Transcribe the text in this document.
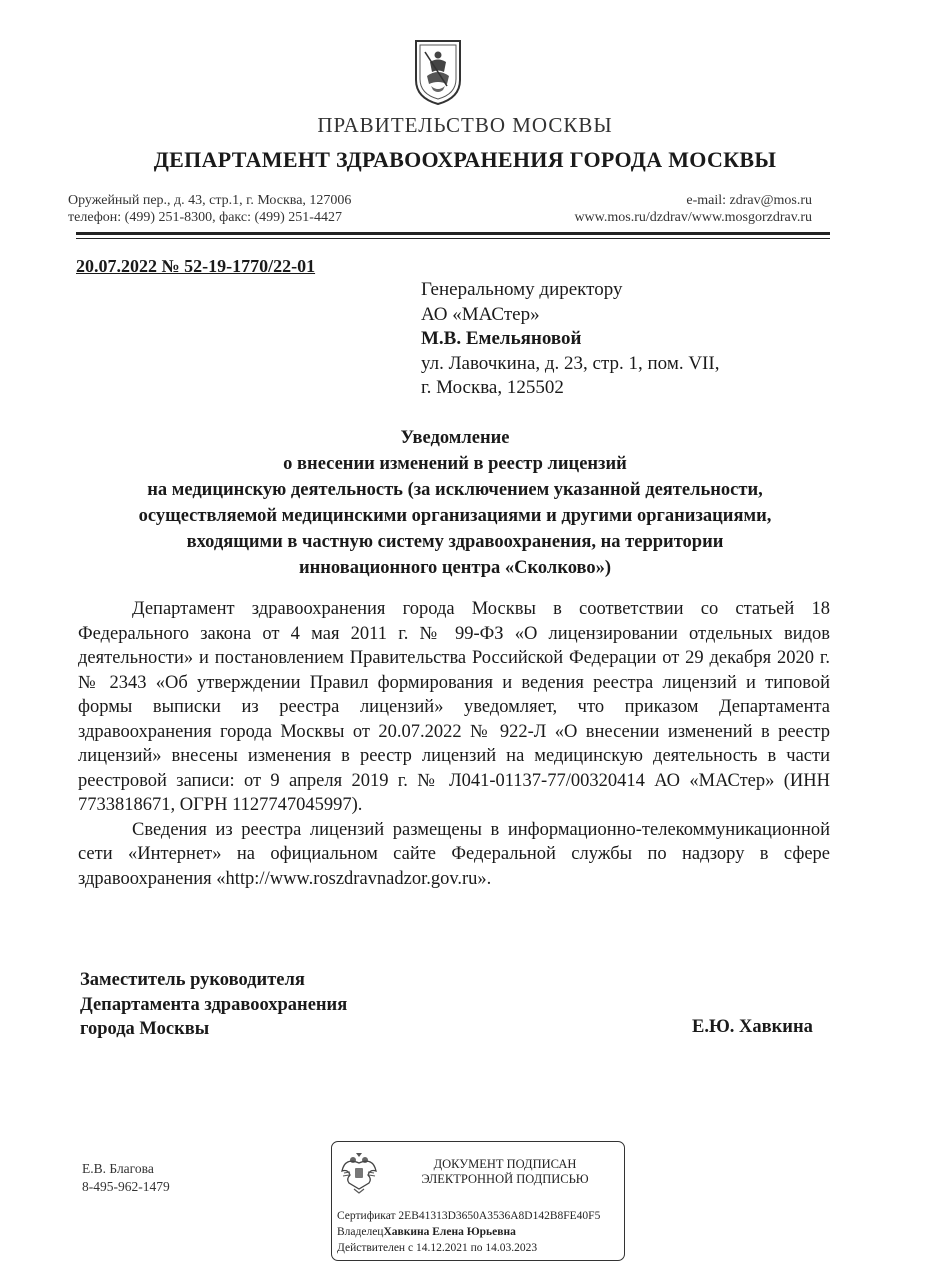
ПРАВИТЕЛЬСТВО МОСКВЫ
ДЕПАРТАМЕНТ ЗДРАВООХРАНЕНИЯ ГОРОДА МОСКВЫ
Оружейный пер., д. 43, стр.1, г. Москва, 127006
телефон: (499) 251-8300, факс: (499) 251-4427
e-mail: zdrav@mos.ru
www.mos.ru/dzdrav/www.mosgorzdrav.ru
20.07.2022 № 52-19-1770/22-01
Генеральному директору
АО «МАСтер»
М.В. Емельяновой
ул. Лавочкина, д. 23, стр. 1, пом. VII,
г. Москва, 125502
Уведомление
о внесении изменений в реестр лицензий
на медицинскую деятельность (за исключением указанной деятельности,
осуществляемой медицинскими организациями и другими организациями,
входящими в частную систему здравоохранения, на территории
инновационного центра «Сколково»)

Департамент здравоохранения города Москвы в соответствии со статьей 18 Федерального закона от 4 мая 2011 г. № 99-ФЗ «О лицензировании отдельных видов деятельности» и постановлением Правительства Российской Федерации от 29 декабря 2020 г. № 2343 «Об утверждении Правил формирования и ведения реестра лицензий и типовой формы выписки из реестра лицензий» уведомляет, что приказом Департамента здравоохранения города Москвы от 20.07.2022 № 922-Л «О внесении изменений в реестр лицензий» внесены изменения в реестр лицензий на медицинскую деятельность в части реестровой записи: от 9 апреля 2019 г. № Л041-01137-77/00320414 АО «МАСтер» (ИНН 7733818671, ОГРН 1127747045997).

Сведения из реестра лицензий размещены в информационно-телекоммуникационной сети «Интернет» на официальном сайте Федеральной службы по надзору в сфере здравоохранения «http://www.roszdravnadzor.gov.ru».

Заместитель руководителя
Департамента здравоохранения
города Москвы	Е.Ю. Хавкина
Е.В. Благова
8-495-962-1479
ДОКУМЕНТ ПОДПИСАН
ЭЛЕКТРОННОЙ ПОДПИСЬЮ
Сертификат 2EB41313D3650A3536A8D142B8FE40F5
ВладелецХавкина Елена Юрьевна
Действителен с 14.12.2021 по 14.03.2023
